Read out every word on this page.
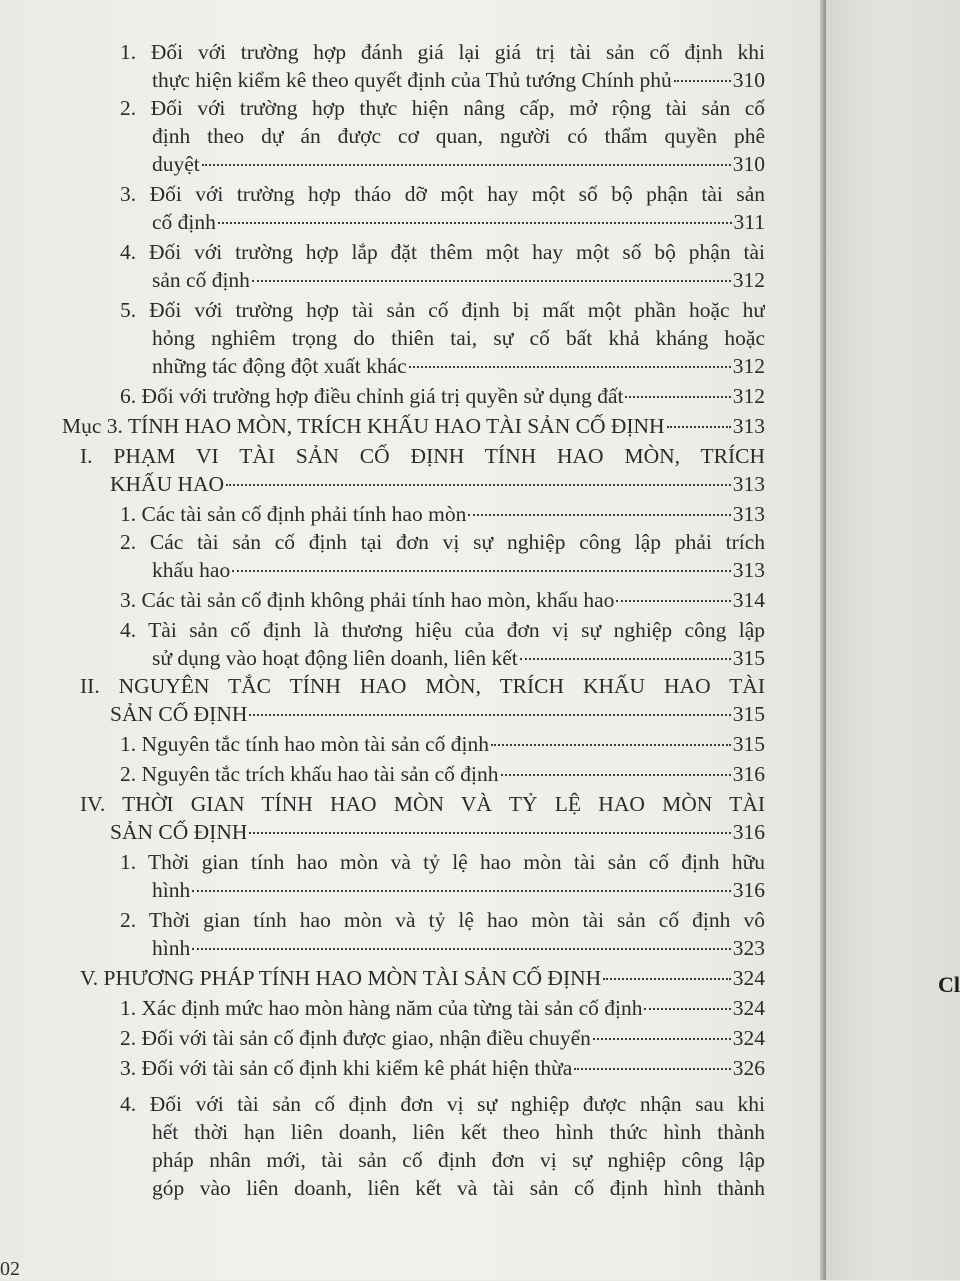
1. Đối với trường hợp đánh giá lại giá trị tài sản cố định khi
thực hiện kiểm kê theo quyết định của Thủ tướng Chính phủ	310
2. Đối với trường hợp thực hiện nâng cấp, mở rộng tài sản cố
định theo dự án được cơ quan, người có thẩm quyền phê
duyệt	310
3. Đối với trường hợp tháo dỡ một hay một số bộ phận tài sản
cố định	311
4. Đối với trường hợp lắp đặt thêm một hay một số bộ phận tài
sản cố định	312
5. Đối với trường hợp tài sản cố định bị mất một phần hoặc hư
hỏng nghiêm trọng do thiên tai, sự cố bất khả kháng hoặc
những tác động đột xuất khác	312
6. Đối với trường hợp điều chỉnh giá trị quyền sử dụng đất	312
Mục 3. TÍNH HAO MÒN, TRÍCH KHẤU HAO TÀI SẢN CỐ ĐỊNH	313
I. PHẠM VI TÀI SẢN CỐ ĐỊNH TÍNH HAO MÒN, TRÍCH
KHẤU HAO	313
1. Các tài sản cố định phải tính hao mòn	313
2. Các tài sản cố định tại đơn vị sự nghiệp công lập phải trích
khấu hao	313
3. Các tài sản cố định không phải tính hao mòn, khấu hao	314
4. Tài sản cố định là thương hiệu của đơn vị sự nghiệp công lập
sử dụng vào hoạt động liên doanh, liên kết	315
II. NGUYÊN TẮC TÍNH HAO MÒN, TRÍCH KHẤU HAO TÀI
SẢN CỐ ĐỊNH	315
1. Nguyên tắc tính hao mòn tài sản cố định	315
2. Nguyên tắc trích khấu hao tài sản cố định	316
IV. THỜI GIAN TÍNH HAO MÒN VÀ TỶ LỆ HAO MÒN TÀI
SẢN CỐ ĐỊNH	316
1. Thời gian tính hao mòn và tỷ lệ hao mòn tài sản cố định hữu
hình	316
2. Thời gian tính hao mòn và tỷ lệ hao mòn tài sản cố định vô
hình	323
V. PHƯƠNG PHÁP TÍNH HAO MÒN TÀI SẢN CỐ ĐỊNH	324
1. Xác định mức hao mòn hàng năm của từng tài sản cố định	324
2. Đối với tài sản cố định được giao, nhận điều chuyển	324
3. Đối với tài sản cố định khi kiểm kê phát hiện thừa	326
4. Đối với tài sản cố định đơn vị sự nghiệp được nhận sau khi
hết thời hạn liên doanh, liên kết theo hình thức hình thành
pháp nhân mới, tài sản cố định đơn vị sự nghiệp công lập
góp vào liên doanh, liên kết và tài sản cố định hình thành
02
Cl
